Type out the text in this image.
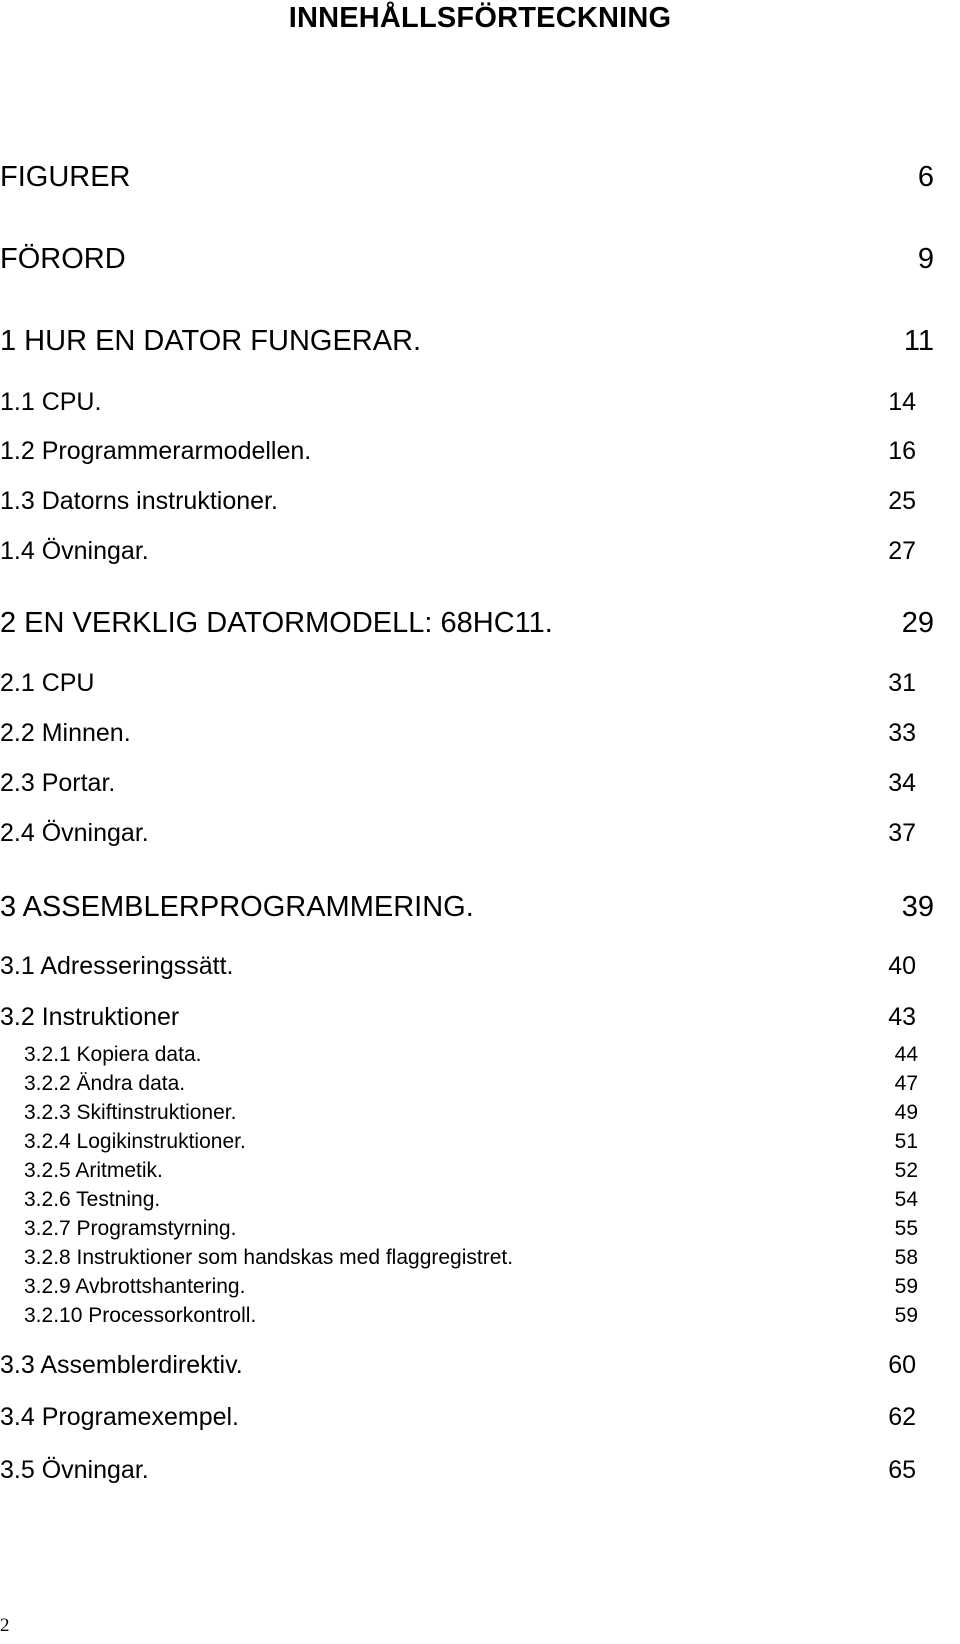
INNEHÅLLSFÖRTECKNING
FIGURER	6
FÖRORD	9
1 HUR EN DATOR FUNGERAR.	11
1.1 CPU.	14
1.2 Programmerarmodellen.	16
1.3 Datorns instruktioner.	25
1.4 Övningar.	27
2 EN VERKLIG DATORMODELL: 68HC11.	29
2.1 CPU	31
2.2 Minnen.	33
2.3 Portar.	34
2.4 Övningar.	37
3 ASSEMBLERPROGRAMMERING.	39
3.1 Adresseringssätt.	40
3.2 Instruktioner	43
3.2.1 Kopiera data.	44
3.2.2 Ändra data.	47
3.2.3 Skiftinstruktioner.	49
3.2.4 Logikinstruktioner.	51
3.2.5 Aritmetik.	52
3.2.6 Testning.	54
3.2.7 Programstyrning.	55
3.2.8 Instruktioner som handskas med flaggregistret.	58
3.2.9 Avbrottshantering.	59
3.2.10 Processorkontroll.	59
3.3 Assemblerdirektiv.	60
3.4 Programexempel.	62
3.5 Övningar.	65
2
